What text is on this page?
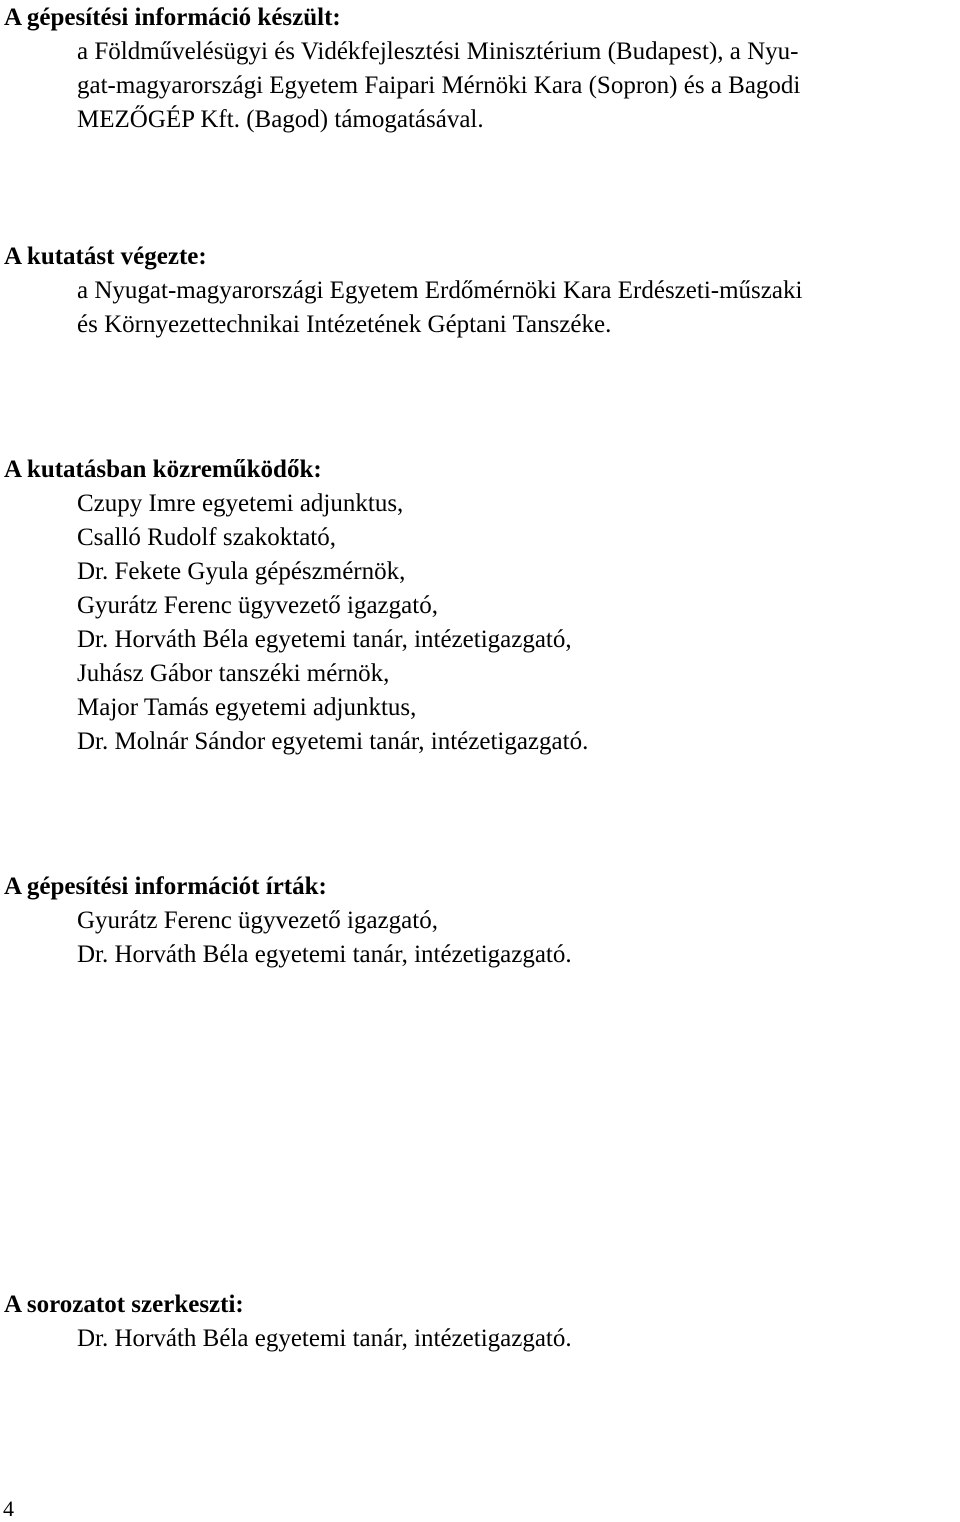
A gépesítési információ készült:

a Földművelésügyi és Vidékfejlesztési Minisztérium (Budapest), a Nyu-

gat-magyarországi Egyetem Faipari Mérnöki Kara (Sopron) és a Bagodi

MEZŐGÉP Kft. (Bagod) támogatásával.

A kutatást végezte:

a Nyugat-magyarországi Egyetem Erdőmérnöki Kara Erdészeti-műszaki

és Környezettechnikai Intézetének Géptani Tanszéke.

A kutatásban közreműködők:

Czupy Imre egyetemi adjunktus,

Csalló Rudolf szakoktató,

Dr. Fekete Gyula gépészmérnök,

Gyurátz Ferenc ügyvezető igazgató,

Dr. Horváth Béla egyetemi tanár, intézetigazgató,

Juhász Gábor tanszéki mérnök,

Major Tamás egyetemi adjunktus,

Dr. Molnár Sándor egyetemi tanár, intézetigazgató.

A gépesítési információt írták:

Gyurátz Ferenc ügyvezető igazgató,

Dr. Horváth Béla egyetemi tanár, intézetigazgató.

A sorozatot szerkeszti:

Dr. Horváth Béla egyetemi tanár, intézetigazgató.

4
